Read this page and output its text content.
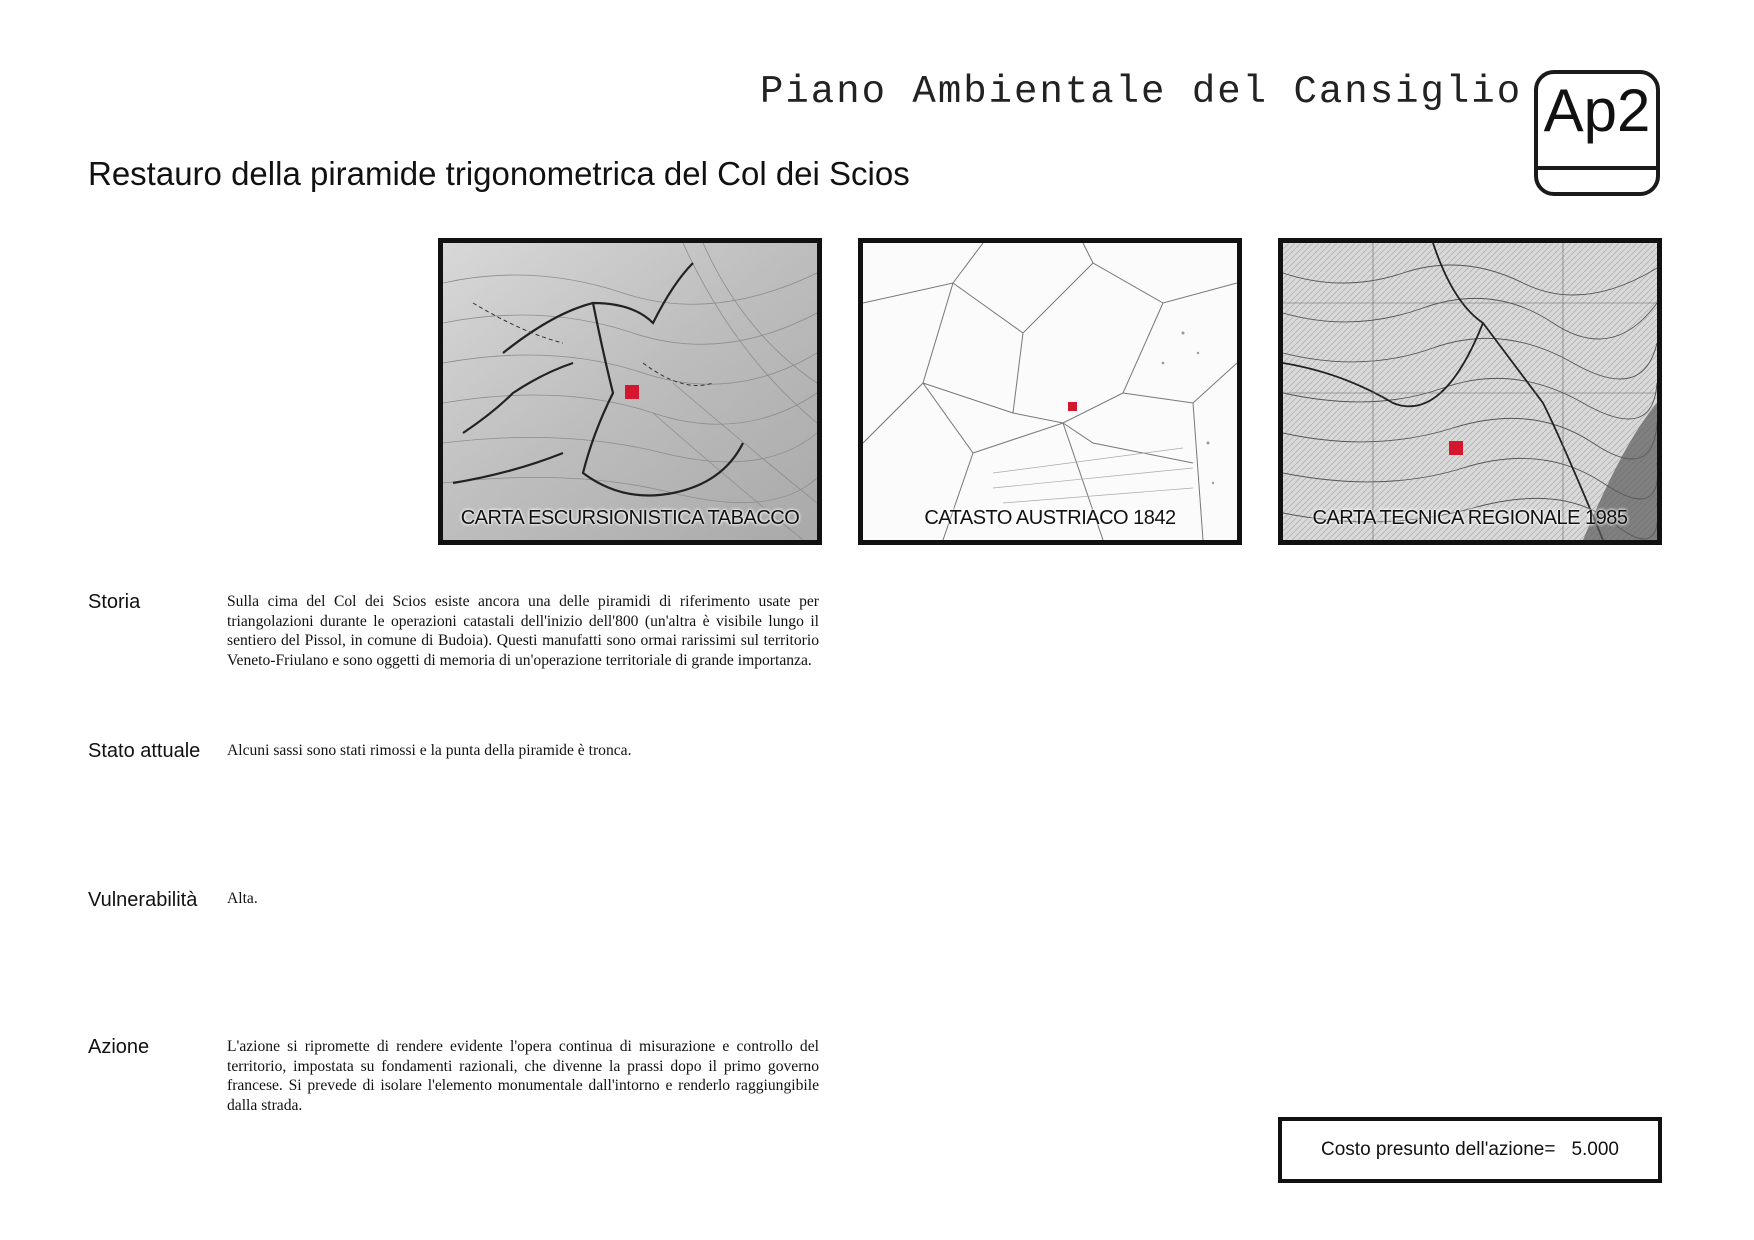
Piano Ambientale del Cansiglio Ap2
Restauro della piramide trigonometrica del Col dei Scios
CARTA ESCURSIONISTICA TABACCO	CATASTO AUSTRIACO 1842	CARTA TECNICA REGIONALE 1985
Storia	Sulla cima del Col dei Scios esiste ancora una delle piramidi di riferimento usate per triangolazioni durante le operazioni catastali dell'inizio dell'800 (un'altra è visibile lungo il sentiero del Pissol, in comune di Budoia). Questi manufatti sono ormai rarissimi sul territorio Veneto-Friulano e sono oggetti di memoria di un'operazione territoriale di grande importanza.
Stato attuale Alcuni sassi sono stati rimossi e la punta della piramide è tronca.
Vulnerabilità Alta.
Azione	L'azione si ripromette di rendere evidente l'opera continua di misurazione e controllo del territorio, impostata su fondamenti razionali, che divenne la prassi dopo il primo governo francese. Si prevede di isolare l'elemento monumentale dall'intorno e renderlo raggiungibile dalla strada.
Costo presunto dell'azione= 5.000
